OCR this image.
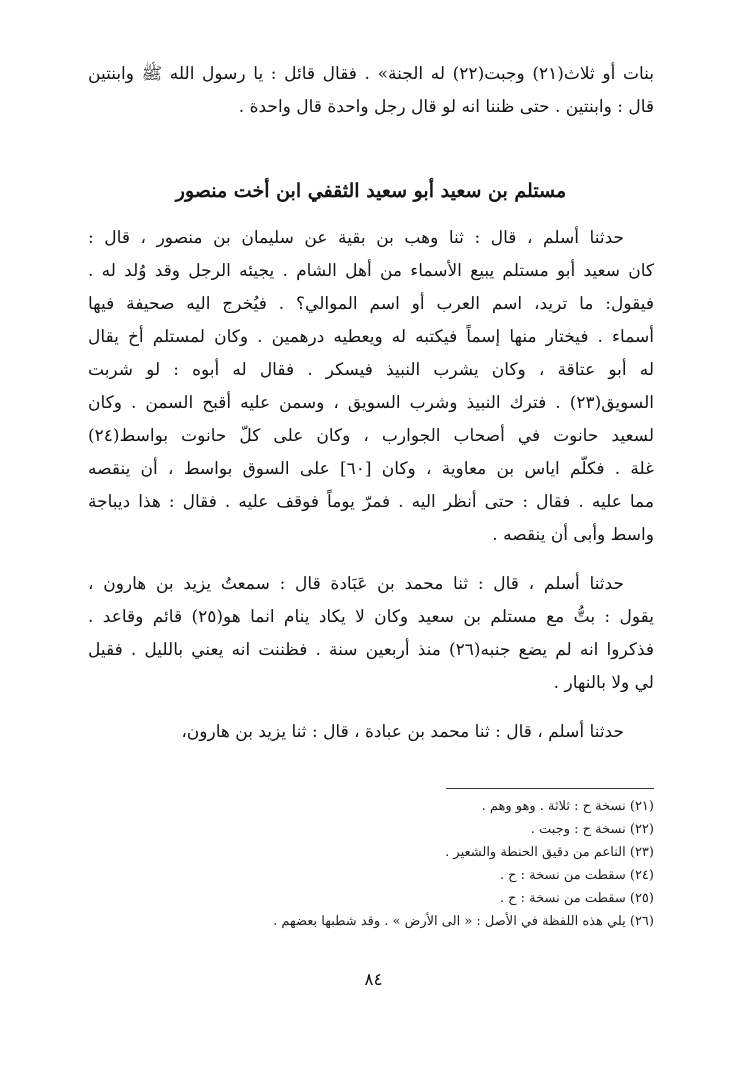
بنات أو ثلاث(٢١) وجبت(٢٢) له الجنة» . فقال قائل : يا رسول الله ﷺ وابنتين
قال : وابنتين . حتى ظننا انه لو قال رجل واحدة قال واحدة .
مستلم بن سعيد أبو سعيد الثقفي ابن أخت منصور
حدثنا أسلم ، قال : ثنا وهب بن بقية عن سليمان بن منصور ، قال :
كان سعيد أبو مستلم يبيع الأسماء من أهل الشام . يجيئه الرجل وقد وُلد له .
فيقول: ما تريد، اسم العرب أو اسم الموالي؟ . فيُخرج اليه صحيفة فيها
أسماء . فيختار منها إسماً فيكتبه له ويعطيه درهمين . وكان لمستلم أخ يقال
له أبو عتاقة ، وكان يشرب النبيذ فيسكر . فقال له أبوه : لو شربت
السويق(٢٣) . فترك النبيذ وشرب السويق ، وسمن عليه أقبح السمن . وكان
لسعيد حانوت في أصحاب الجوارب ، وكان على كلّ حانوت بواسط(٢٤)
غلة . فكلّم اياس بن معاوية ، وكان [٦٠] على السوق بواسط ، أن ينقصه
مما عليه . فقال : حتى أنظر اليه . فمرّ يوماً فوقف عليه . فقال : هذا ديباجة
واسط وأبى أن ينقصه .
حدثنا أسلم ، قال : ثنا محمد بن عَبَادة قال : سمعتُ يزيد بن هارون ،
يقول : بتُّ مع مستلم بن سعيد وكان لا يكاد ينام انما هو(٢٥) قائم وقاعد .
فذكروا انه لم يضع جنبه(٢٦) منذ أربعين سنة . فظننت انه يعني بالليل . فقيل
لي ولا بالنهار .
حدثنا أسلم ، قال : ثنا محمد بن عبادة ، قال : ثنا يزيد بن هارون،
(٢١) نسخة ح : ثلاثة . وهو وهم .
(٢٢) نسخة ح : وجبت .
(٢٣) الناعم من دقيق الحنطة والشعير .
(٢٤) سقطت من نسخة : ح .
(٢٥) سقطت من نسخة : ح .
(٢٦) يلي هذه اللفظة في الأصل : « الى الأرض » . وقد شطبها بعضهم .
٨٤
